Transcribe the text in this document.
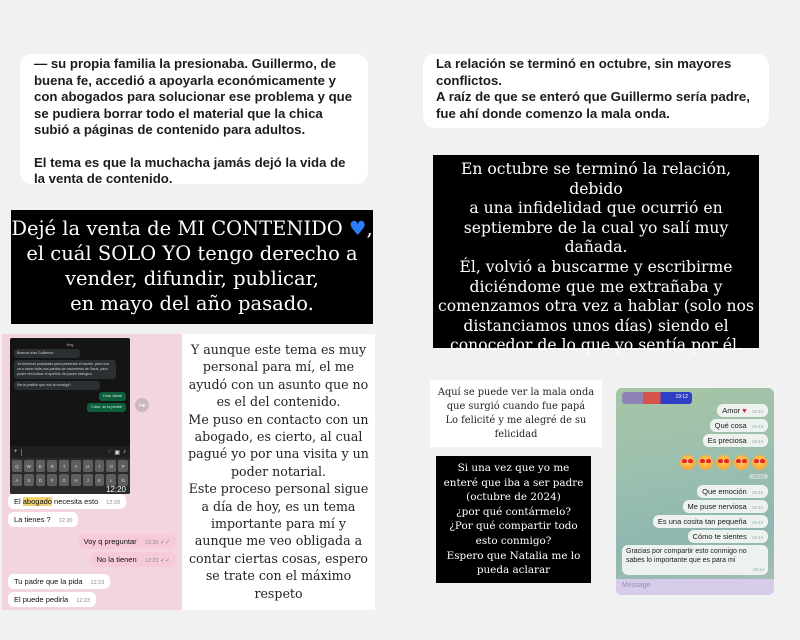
— su propia familia la presionaba. Guillermo, de buena fe, accedió a apoyarla económicamente y con abogados para solucionar ese problema y que se pudiera borrar todo el material que la chica subió a páginas de contenido para adultos.

El tema es que la muchacha jamás dejó la vida de la venta de contenido.

La relación se terminó en octubre, sin mayores conflictos.

A raíz de que se enteró que Guillermo sería padre, fue ahí donde comenzo la mala onda.

Dejé la venta de MI CONTENIDO ♥,

el cuál SOLO YO tengo derecho a

vender, difundir, publicar,

en mayo del año pasado.

En octubre se terminó la relación, debido

a una infidelidad que ocurrió en

septiembre de la cual yo salí muy

dañada.

Él, volvió a buscarme y escribirme

diciéndome que me extrañaba y

comenzamos otra vez a hablar (solo nos

distanciamos unos días) siendo el

conocedor de lo que yo sentía por él.

Hoy
Buenos días Guillermo
Ya tenemos preparado para presentar el escrito, pero nos va a hacer falta una partida de nacimiento de Sarai, para poder reivindicar el apellido del padre biológico
Sería posible que nos la consiga?
Hola Jaime
Claro, se la pediré
+	◌ ▣ ♪
Q	W	E	R	T	Y	U	I	O	P
A	S	D	F	G	H	J	K	L	Ñ
12:20
↪
El abogado necesita esto 12:20
La tienes ? 12:20
Voy q preguntar 12:20 ✓✓
No la tienen 12:23 ✓✓
Tu padre que la pida 12:23
El puede pedirla 12:23

Y aunque este tema es muy

personal para mí, el me

ayudó con un asunto que no

es el del contenido.

Me puso en contacto con un

abogado, es cierto, al cual

pagué yo por una visita y un

poder notarial.

Este proceso personal sigue

a día de hoy, es un tema

importante para mí y

aunque me veo obligada a

contar ciertas cosas, espero

se trate con el máximo

respeto

Aquí se puede ver la mala onda

que surgió cuando fue papá

Lo felicité y me alegré de su

felicidad

Si una vez que yo me

enteré que iba a ser padre

(octubre de 2024)

¿por qué contármelo?

¿Por qué compartir todo

esto conmigo?

Espero que Natalia me lo

pueda aclarar

19:12
Amor ♥ 19:13
Qué cosa 19:13
Es preciosa 19:13
19:13
Que emoción 19:13
Me puse nerviosa 19:13
Es una cosita tan pequeña 19:13
Cómo te sientes 19:13
Gracias por compartir esto conmigo no sabes lo importante que es para mi
19:14
Message
